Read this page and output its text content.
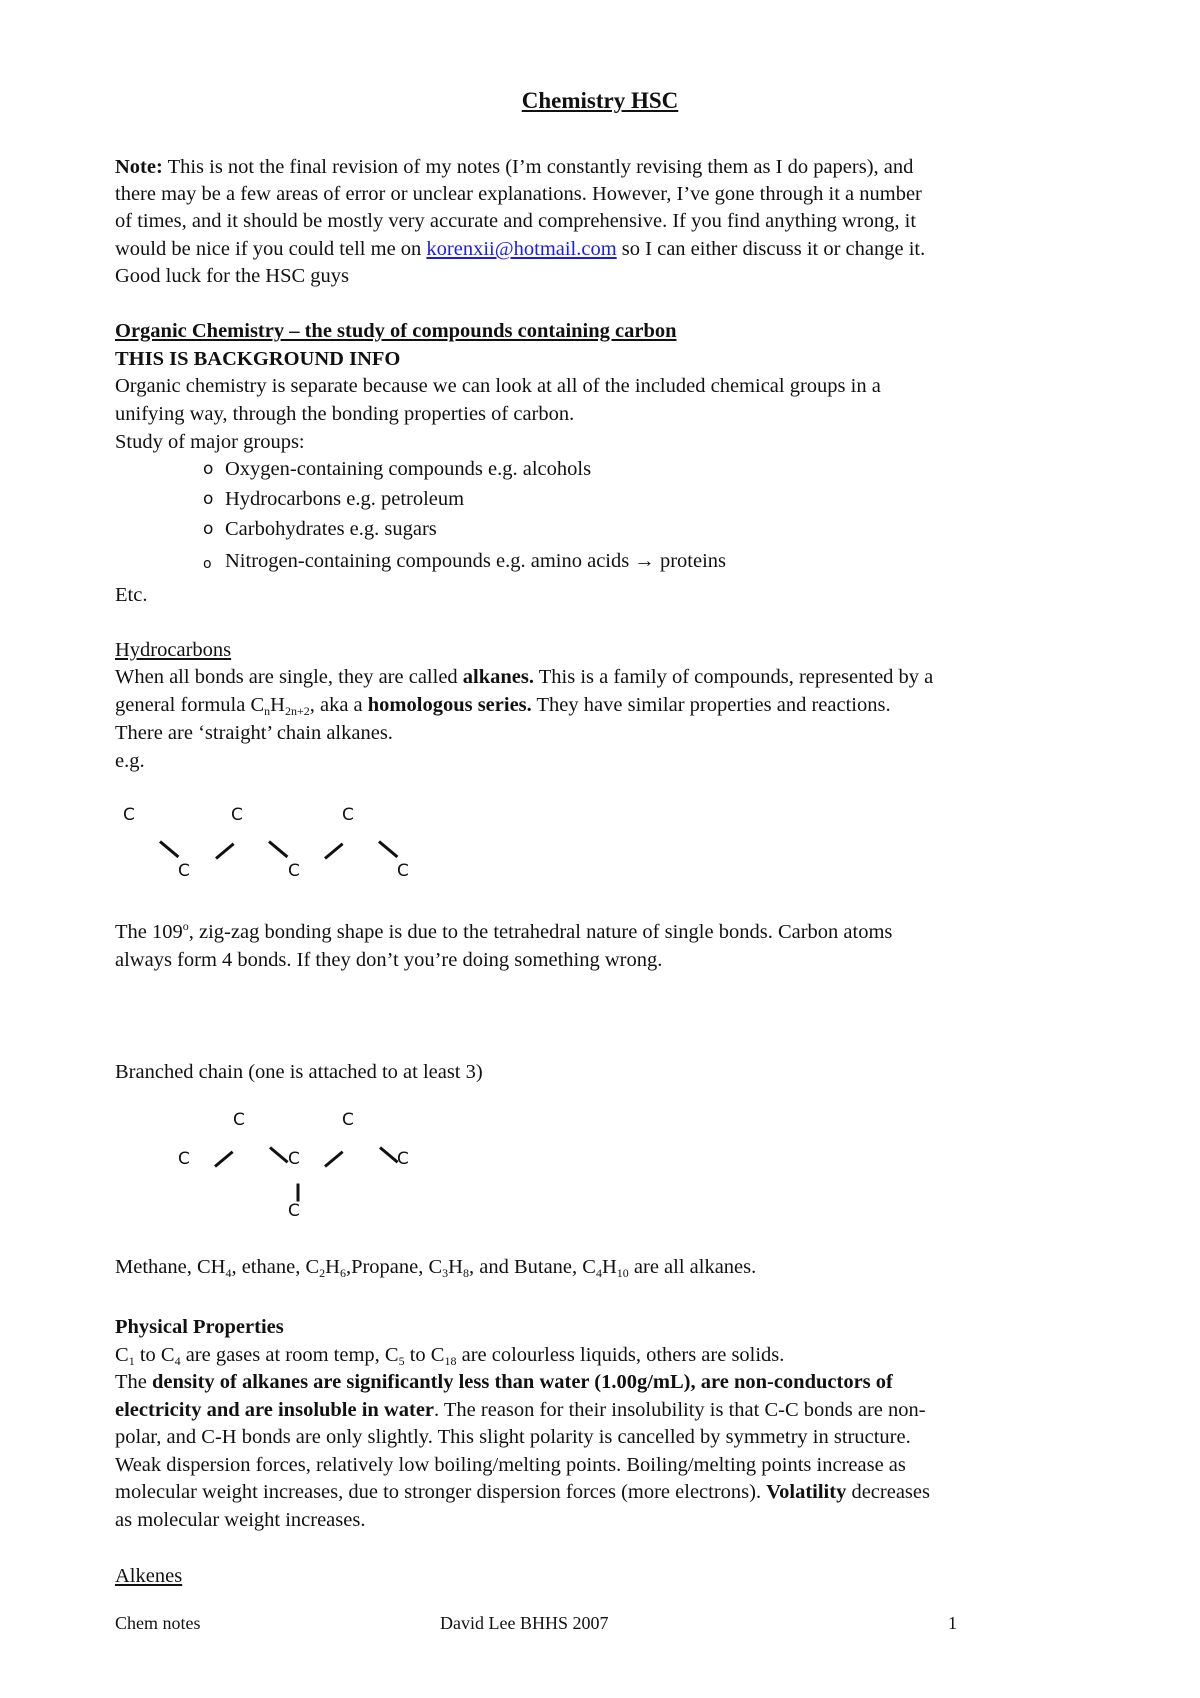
Chemistry HSC
Note: This is not the final revision of my notes (I’m constantly revising them as I do papers), and
there may be a few areas of error or unclear explanations. However, I’ve gone through it a number
of times, and it should be mostly very accurate and comprehensive. If you find anything wrong, it
would be nice if you could tell me on korenxii@hotmail.com so I can either discuss it or change it.
Good luck for the HSC guys
Organic Chemistry – the study of compounds containing carbon
THIS IS BACKGROUND INFO
Organic chemistry is separate because we can look at all of the included chemical groups in a
unifying way, through the bonding properties of carbon.
Study of major groups:
o Oxygen-containing compounds e.g. alcohols
o Hydrocarbons e.g. petroleum
o Carbohydrates e.g. sugars
o Nitrogen-containing compounds e.g. amino acids → proteins
Etc.
Hydrocarbons
When all bonds are single, they are called alkanes. This is a family of compounds, represented by a
general formula $C_nH_{2n+2}$, aka a homologous series. They have similar properties and reactions.
There are ‘straight’ chain alkanes.
e.g.
C	C	C
C	C	C
The 109$^o$, zig-zag bonding shape is due to the tetrahedral nature of single bonds. Carbon atoms
always form 4 bonds. If they don’t you’re doing something wrong.
Branched chain (one is attached to at least 3)
C	C
C	C	C
C
Methane, $CH_4$, ethane, $C_2H_6,Propane$, $C_3H_8$, and Butane, $C_4H_{10}$ are all alkanes.
Physical Properties
$C_1$ to $C_4$ are gases at room temp, $C_5$ to $C_{18}$ are colourless liquids, others are solids.
The density of alkanes are significantly less than water (1.00g/mL), are non-conductors of
electricity and are insoluble in water. The reason for their insolubility is that C-C bonds are non-
polar, and C-H bonds are only slightly. This slight polarity is cancelled by symmetry in structure.
Weak dispersion forces, relatively low boiling/melting points. Boiling/melting points increase as
molecular weight increases, due to stronger dispersion forces (more electrons). Volatility decreases
as molecular weight increases.
Alkenes
Chem notes	David Lee BHHS 2007	1
